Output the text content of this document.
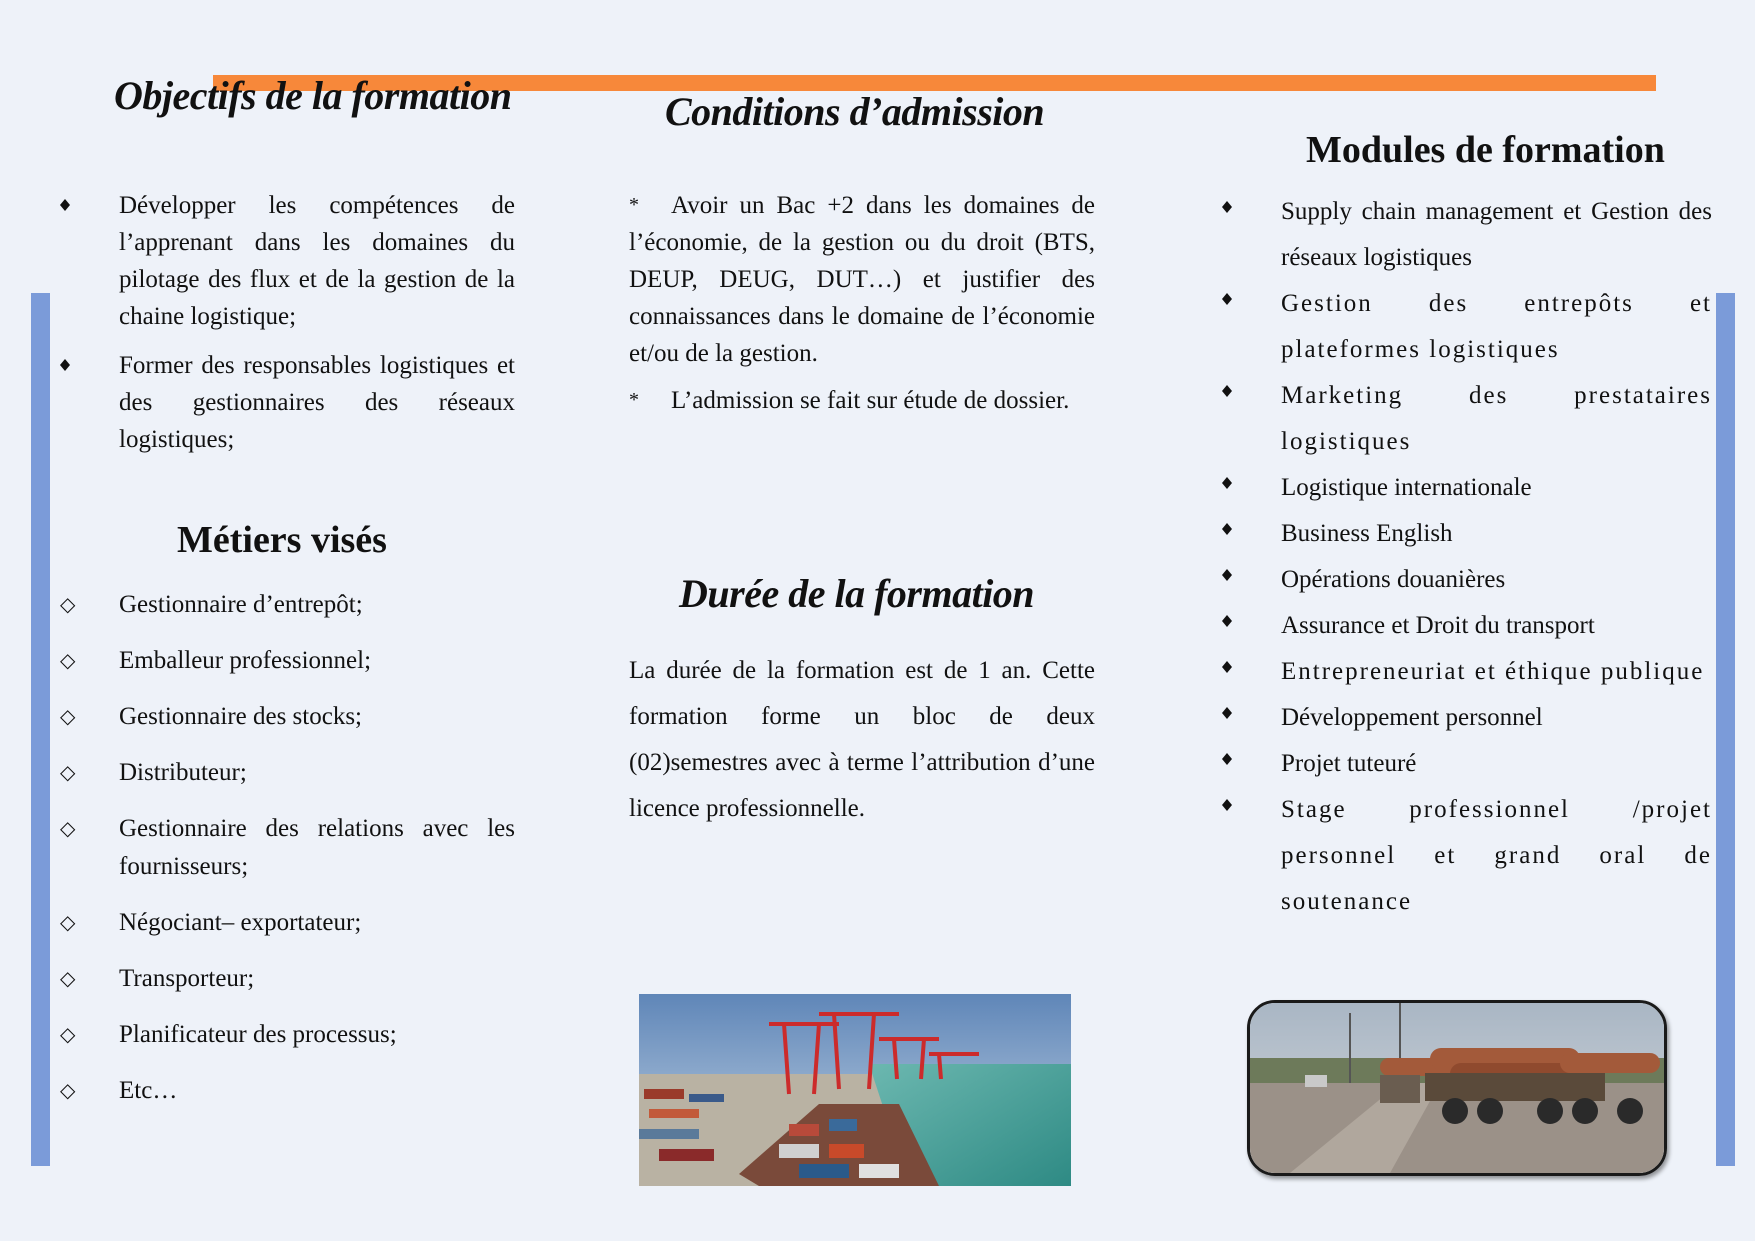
Objectifs de la formation
Développer les compétences de l’apprenant dans les domaines du pilotage des flux et de la gestion de la chaine logistique;
Former des responsables logistiques et des gestionnaires des réseaux logistiques;
Métiers visés
◇	Gestionnaire d’entrepôt;
◇	Emballeur professionnel;
◇	Gestionnaire des stocks;
◇	Distributeur;
◇	Gestionnaire des relations avec les fournisseurs;
◇	Négociant– exportateur;
◇	Transporteur;
◇	Planificateur des processus;
◇	Etc…
Conditions d’admission

* Avoir un Bac +2 dans les domaines de l’économie, de la gestion ou du droit (BTS, DEUP, DEUG, DUT…) et justifier des connaissances dans le domaine de l’économie et/ou de la gestion.

* L’admission se fait sur étude de dossier.

Durée de la formation

La durée de la formation est de 1 an. Cette formation forme un bloc de deux (02)semestres avec à terme l’attribution d’une licence professionnelle.

Modules de formation
Supply chain management et Gestion des réseaux logistiques
Gestion des entrepôts et plateformes logistiques
Marketing des prestataires logistiques
Logistique internationale
Business English
Opérations douanières
Assurance et Droit du transport
Entrepreneuriat et éthique publique
Développement personnel
Projet tuteuré
Stage professionnel /projet personnel et grand oral de soutenance
